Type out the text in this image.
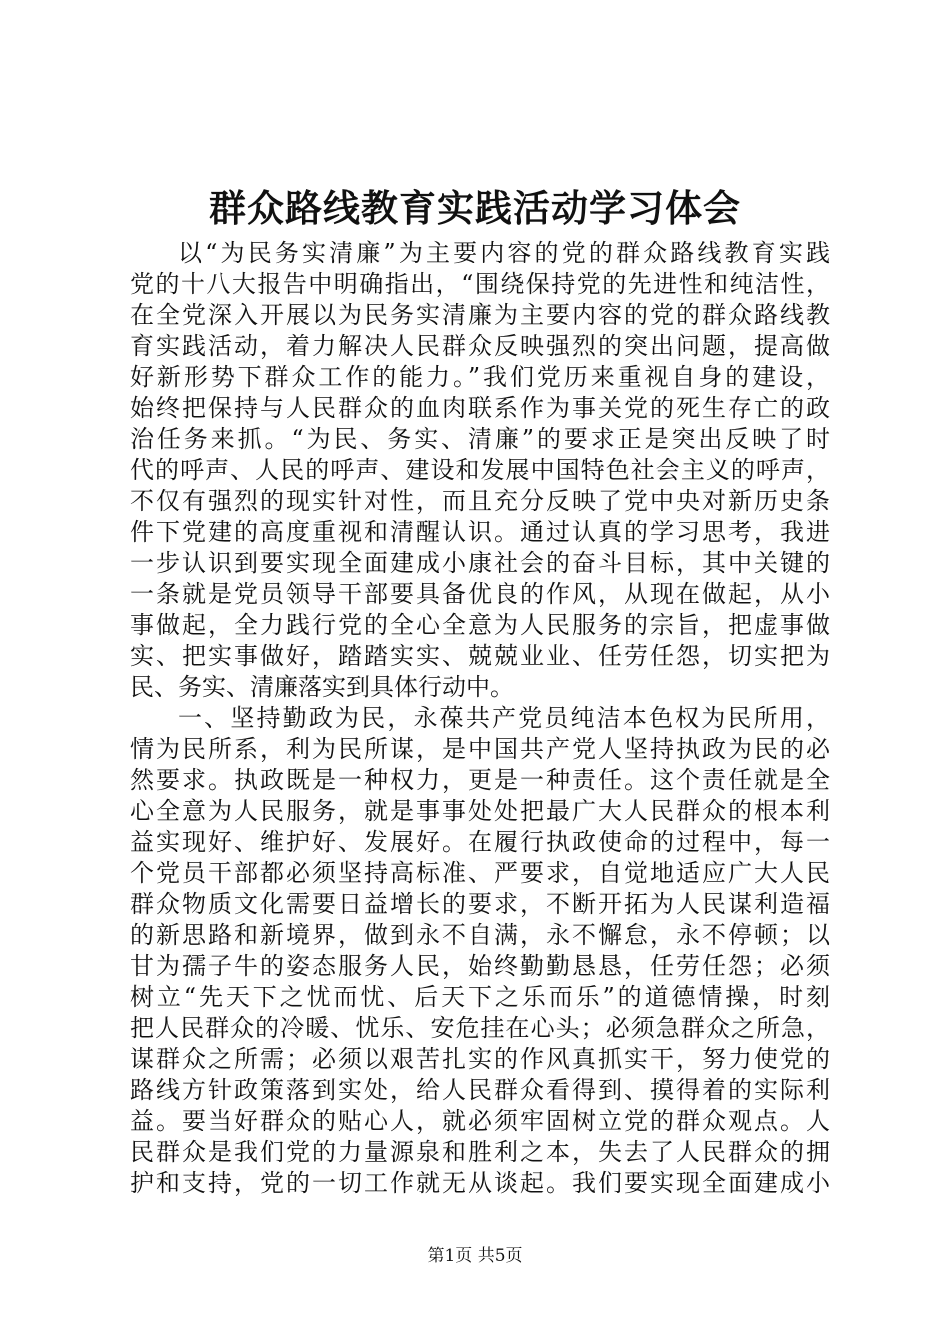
群众路线教育实践活动学习体会
以“为民务实清廉”为主要内容的党的群众路线教育实践
党的十八大报告中明确指出，“围绕保持党的先进性和纯洁性，
在全党深入开展以为民务实清廉为主要内容的党的群众路线教
育实践活动，着力解决人民群众反映强烈的突出问题，提高做
好新形势下群众工作的能力。”我们党历来重视自身的建设，
始终把保持与人民群众的血肉联系作为事关党的死生存亡的政
治任务来抓。“为民、务实、清廉”的要求正是突出反映了时
代的呼声、人民的呼声、建设和发展中国特色社会主义的呼声，
不仅有强烈的现实针对性，而且充分反映了党中央对新历史条
件下党建的高度重视和清醒认识。通过认真的学习思考，我进
一步认识到要实现全面建成小康社会的奋斗目标，其中关键的
一条就是党员领导干部要具备优良的作风，从现在做起，从小
事做起，全力践行党的全心全意为人民服务的宗旨，把虚事做
实、把实事做好，踏踏实实、兢兢业业、任劳任怨，切实把为
民、务实、清廉落实到具体行动中。
一、坚持勤政为民，永葆共产党员纯洁本色权为民所用，
情为民所系，利为民所谋，是中国共产党人坚持执政为民的必
然要求。执政既是一种权力，更是一种责任。这个责任就是全
心全意为人民服务，就是事事处处把最广大人民群众的根本利
益实现好、维护好、发展好。在履行执政使命的过程中，每一
个党员干部都必须坚持高标准、严要求，自觉地适应广大人民
群众物质文化需要日益增长的要求，不断开拓为人民谋利造福
的新思路和新境界，做到永不自满，永不懈怠，永不停顿；以
甘为孺子牛的姿态服务人民，始终勤勤恳恳，任劳任怨；必须
树立“先天下之忧而忧、后天下之乐而乐”的道德情操，时刻
把人民群众的冷暖、忧乐、安危挂在心头；必须急群众之所急，
谋群众之所需；必须以艰苦扎实的作风真抓实干，努力使党的
路线方针政策落到实处，给人民群众看得到、摸得着的实际利
益。要当好群众的贴心人，就必须牢固树立党的群众观点。人
民群众是我们党的力量源泉和胜利之本，失去了人民群众的拥
护和支持，党的一切工作就无从谈起。我们要实现全面建成小
第1页 共5页
